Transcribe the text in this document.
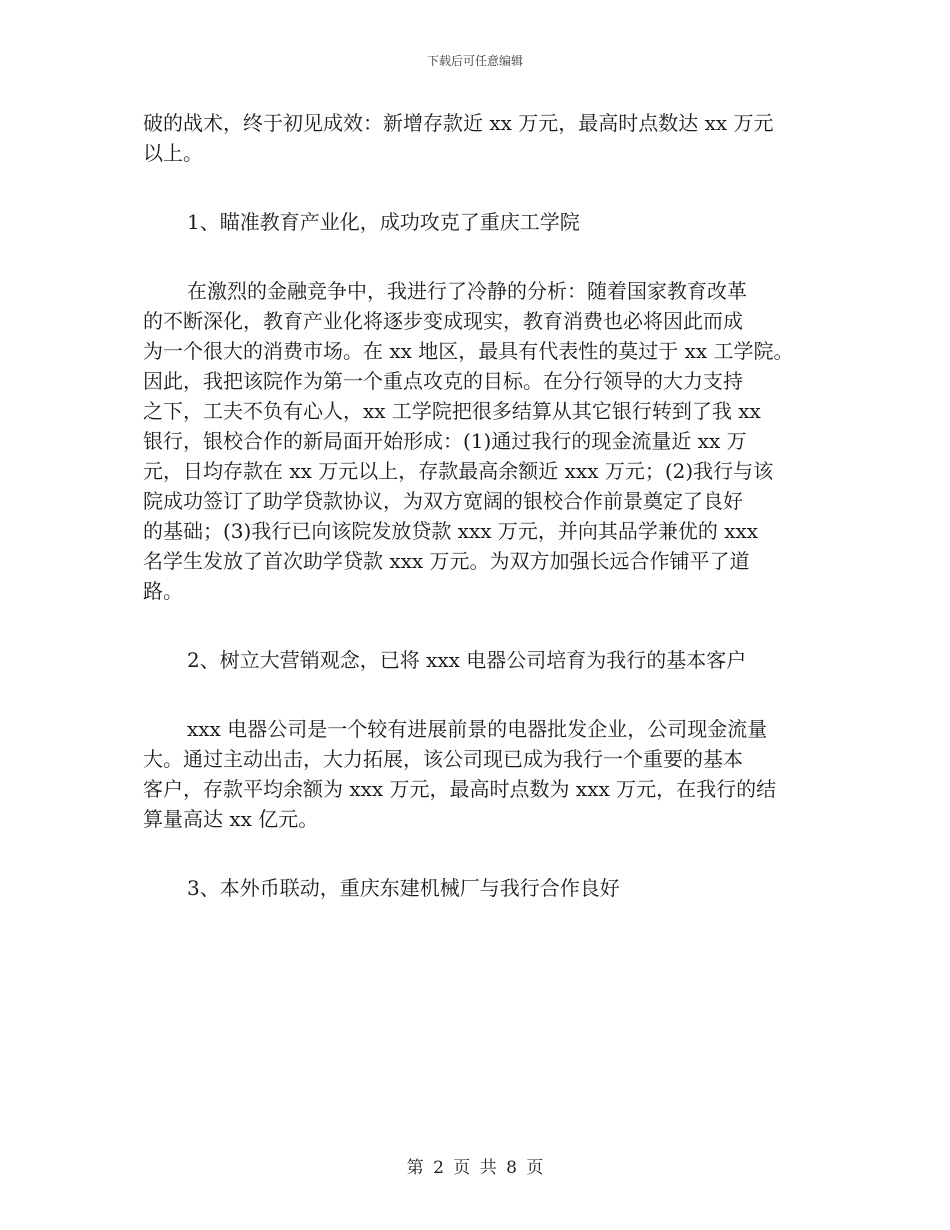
下载后可任意编辑

破的战术，终于初见成效：新增存款近 xx 万元，最高时点数达 xx 万元

以上。

1、瞄准教育产业化，成功攻克了重庆工学院

在激烈的金融竞争中，我进行了冷静的分析：随着国家教育改革

的不断深化，教育产业化将逐步变成现实，教育消费也必将因此而成

为一个很大的消费市场。在 xx 地区，最具有代表性的莫过于 xx 工学院。

因此，我把该院作为第一个重点攻克的目标。在分行领导的大力支持

之下，工夫不负有心人，xx 工学院把很多结算从其它银行转到了我 xx

银行，银校合作的新局面开始形成：(1)通过我行的现金流量近 xx 万

元，日均存款在 xx 万元以上，存款最高余额近 xxx 万元；(2)我行与该

院成功签订了助学贷款协议，为双方宽阔的银校合作前景奠定了良好

的基础；(3)我行已向该院发放贷款 xxx 万元，并向其品学兼优的 xxx

名学生发放了首次助学贷款 xxx 万元。为双方加强长远合作铺平了道

路。

2、树立大营销观念，已将 xxx 电器公司培育为我行的基本客户

xxx 电器公司是一个较有进展前景的电器批发企业，公司现金流量

大。通过主动出击，大力拓展，该公司现已成为我行一个重要的基本

客户，存款平均余额为 xxx 万元，最高时点数为 xxx 万元，在我行的结

算量高达 xx 亿元。

3、本外币联动，重庆东建机械厂与我行合作良好

第 2 页 共 8 页
